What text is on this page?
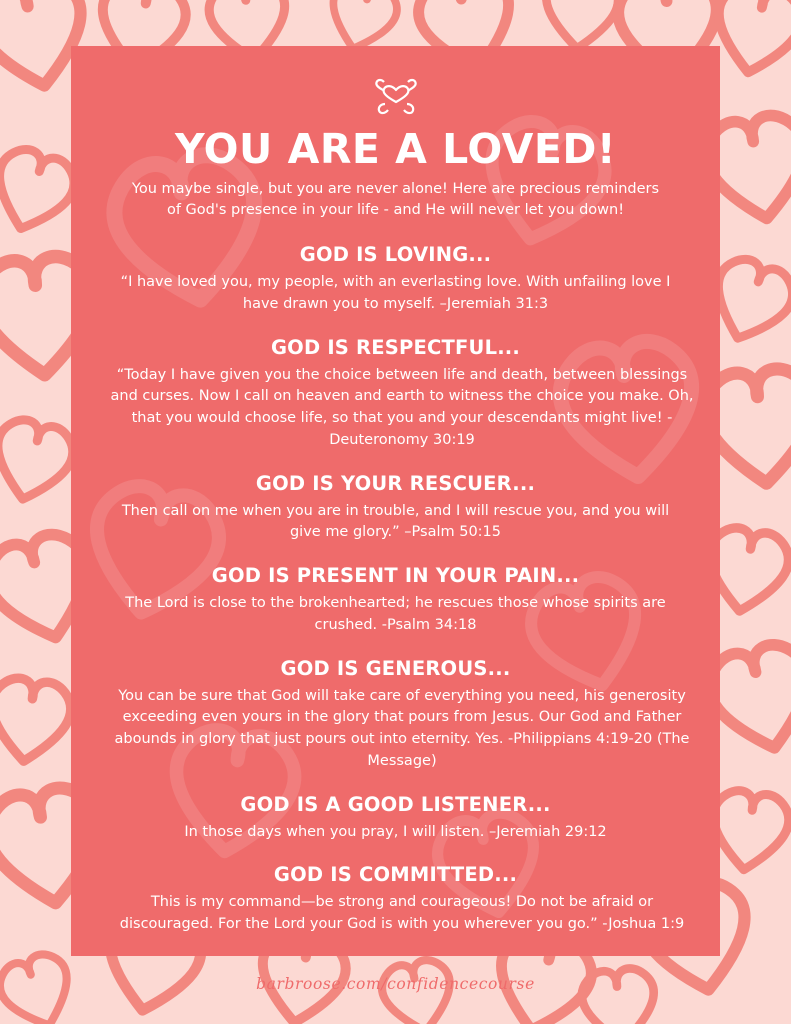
YOU ARE A LOVED!

You maybe single, but you are never alone! Here are precious reminders of God's presence in your life - and He will never let you down!

GOD IS LOVING...

“I have loved you, my people, with an everlasting love. With unfailing love I have drawn you to myself. –Jeremiah 31:3

GOD IS RESPECTFUL...

“Today I have given you the choice between life and death, between blessings and curses. Now I call on heaven and earth to witness the choice you make. Oh, that you would choose life, so that you and your descendants might live! -Deuteronomy 30:19

GOD IS YOUR RESCUER...

Then call on me when you are in trouble, and I will rescue you, and you will give me glory.” –Psalm 50:15

GOD IS PRESENT IN YOUR PAIN...

The Lord is close to the brokenhearted; he rescues those whose spirits are crushed. -Psalm 34:18

GOD IS GENEROUS...

You can be sure that God will take care of everything you need, his generosity exceeding even yours in the glory that pours from Jesus. Our God and Father abounds in glory that just pours out into eternity. Yes. -Philippians 4:19-20 (The Message)

GOD IS A GOOD LISTENER...

In those days when you pray, I will listen. –Jeremiah 29:12

GOD IS COMMITTED...

This is my command—be strong and courageous! Do not be afraid or discouraged. For the Lord your God is with you wherever you go.” -Joshua 1:9

barbroose.com/confidencecourse
